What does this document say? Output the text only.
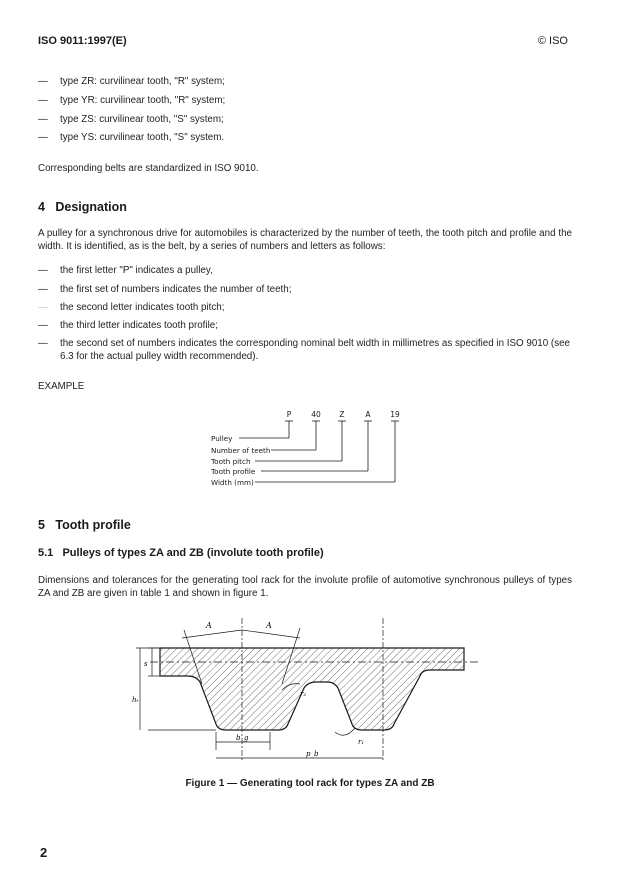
ISO 9011:1997(E)	© ISO
—	type ZR: curvilinear tooth, "R" system;
—	type YR: curvilinear tooth, "R" system;
—	type ZS: curvilinear tooth, "S" system;
—	type YS: curvilinear tooth, "S" system.
Corresponding belts are standardized in ISO 9010.
4 Designation
A pulley for a synchronous drive for automobiles is characterized by the number of teeth, the tooth pitch and profile and the width. It is identified, as is the belt, by a series of numbers and letters as follows:
—	the first letter "P" indicates a pulley,
—	the first set of numbers indicates the number of teeth;
—	the second letter indicates tooth pitch;
—	the third letter indicates tooth profile;
—	the second set of numbers indicates the corresponding nominal belt width in millimetres as specified in ISO 9010 (see 6.3 for the actual pulley width recommended).
EXAMPLE
P	40 Z	A	19
Pulley
Number of teeth
Tooth pitch
Tooth profile
Width (mm)
5 Tooth profile
5.1 Pulleys of types ZA and ZB (involute tooth profile)
Dimensions and tolerances for the generating tool rack for the involute profile of automotive synchronous pulleys of types ZA and ZB are given in table 1 and shown in figure 1.
A	A
s
hₜ
r₂
r₁
b_g
p_b
Figure 1 — Generating tool rack for types ZA and ZB
2
